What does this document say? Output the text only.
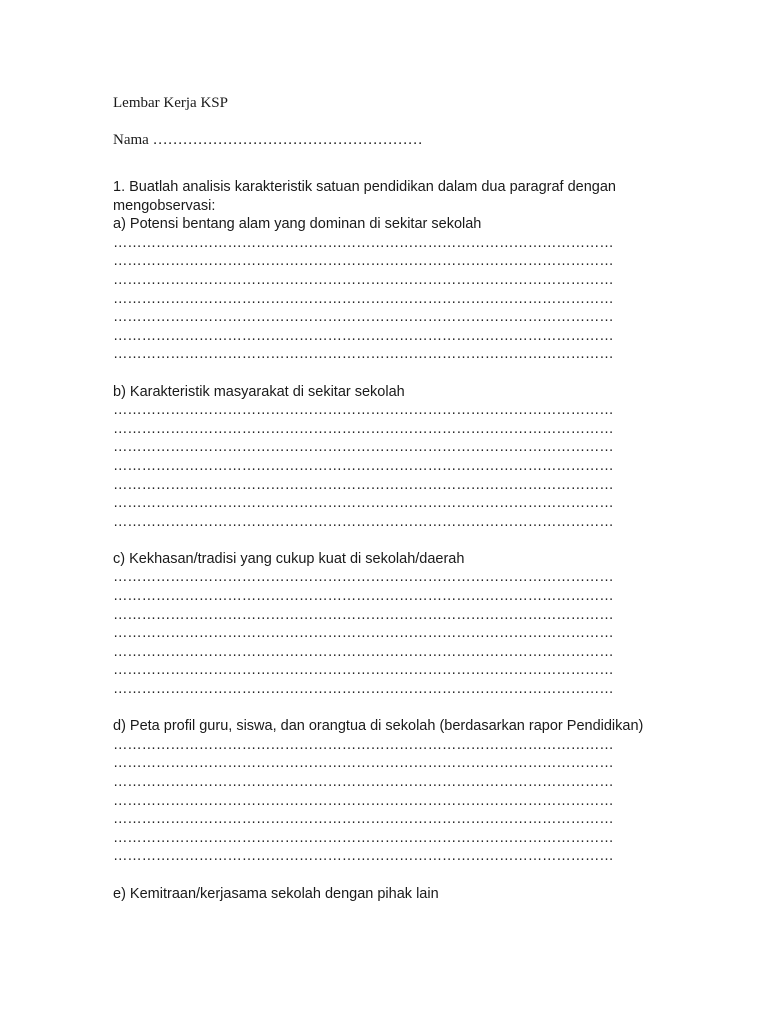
Lembar Kerja KSP
Nama ………………………………………………

1. Buatlah analisis karakteristik satuan pendidikan dalam dua paragraf dengan mengobservasi:

a) Potensi bentang alam yang dominan di sekitar sekolah

……………………………………………………………………………………………
……………………………………………………………………………………………
……………………………………………………………………………………………
……………………………………………………………………………………………
……………………………………………………………………………………………
……………………………………………………………………………………………
……………………………………………………………………………………………

b) Karakteristik masyarakat di sekitar sekolah

……………………………………………………………………………………………
……………………………………………………………………………………………
……………………………………………………………………………………………
……………………………………………………………………………………………
……………………………………………………………………………………………
……………………………………………………………………………………………
……………………………………………………………………………………………

c) Kekhasan/tradisi yang cukup kuat di sekolah/daerah

……………………………………………………………………………………………
……………………………………………………………………………………………
……………………………………………………………………………………………
……………………………………………………………………………………………
……………………………………………………………………………………………
……………………………………………………………………………………………
……………………………………………………………………………………………

d) Peta profil guru, siswa, dan orangtua di sekolah (berdasarkan rapor Pendidikan)

……………………………………………………………………………………………
……………………………………………………………………………………………
……………………………………………………………………………………………
……………………………………………………………………………………………
……………………………………………………………………………………………
……………………………………………………………………………………………
……………………………………………………………………………………………

e) Kemitraan/kerjasama sekolah dengan pihak lain
